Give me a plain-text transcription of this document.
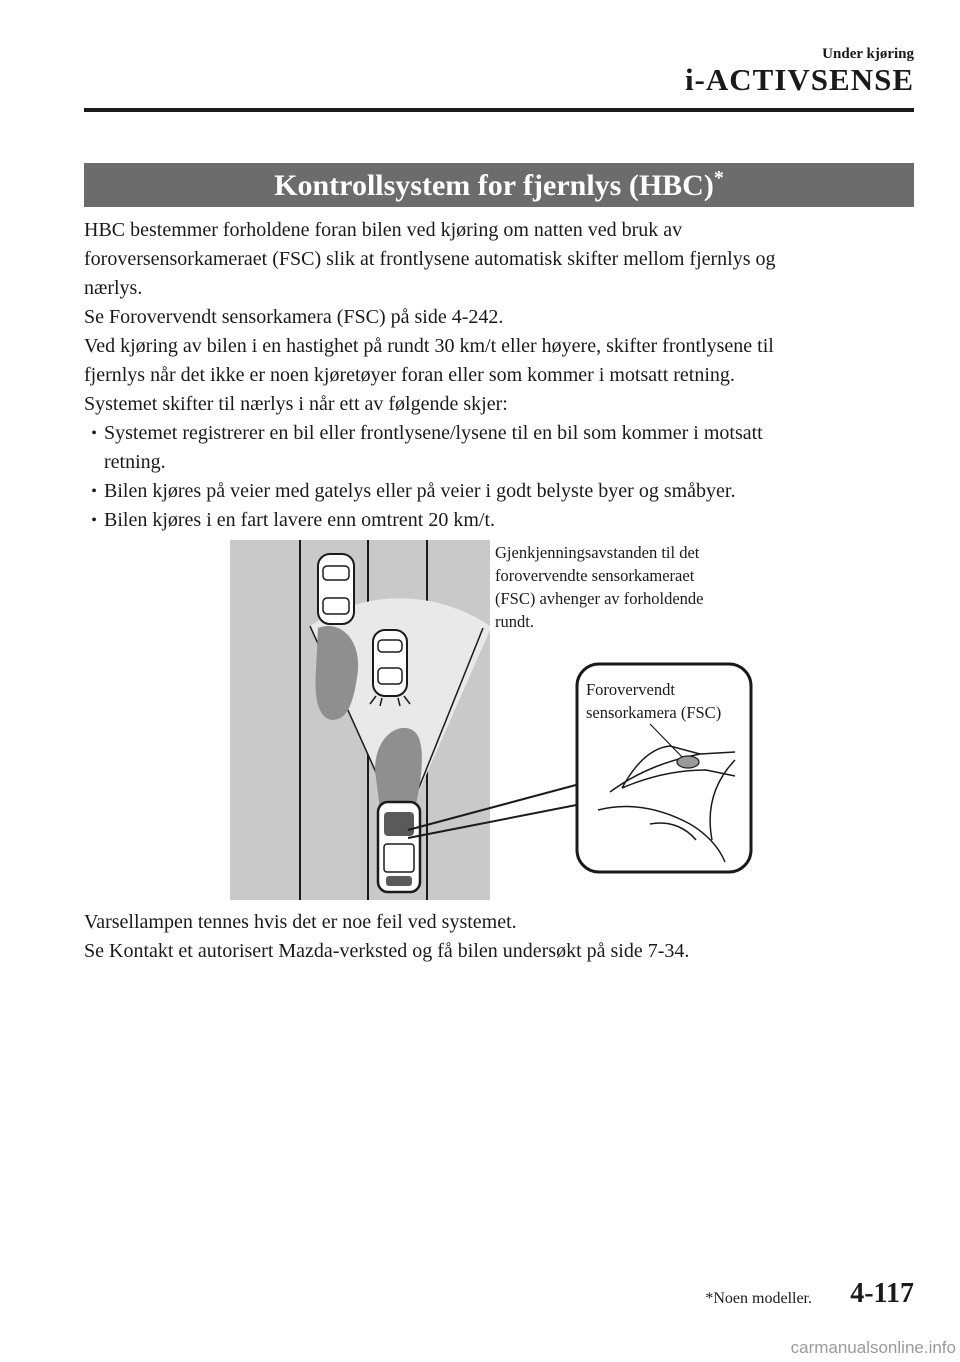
Under kjøring
i-ACTIVSENSE
Kontrollsystem for fjernlys (HBC)*

HBC bestemmer forholdene foran bilen ved kjøring om natten ved bruk av

foroversensorkameraet (FSC) slik at frontlysene automatisk skifter mellom fjernlys og

nærlys.

Se Forovervendt sensorkamera (FSC) på side 4-242.

Ved kjøring av bilen i en hastighet på rundt 30 km/t eller høyere, skifter frontlysene til

fjernlys når det ikke er noen kjøretøyer foran eller som kommer i motsatt retning.

Systemet skifter til nærlys i når ett av følgende skjer:

• Systemet registrerer en bil eller frontlysene/lysene til en bil som kommer i motsatt
retning.
• Bilen kjøres på veier med gatelys eller på veier i godt belyste byer og småbyer.
• Bilen kjøres i en fart lavere enn omtrent 20 km/t.
Gjenkjenningsavstanden til det
forovervendte sensorkameraet
(FSC) avhenger av forholdende
rundt.
Forovervendt
sensorkamera (FSC)

Varsellampen tennes hvis det er noe feil ved systemet.

Se Kontakt et autorisert Mazda-verksted og få bilen undersøkt på side 7-34.

*Noen modeller. 4-117
carmanualsonline.info
